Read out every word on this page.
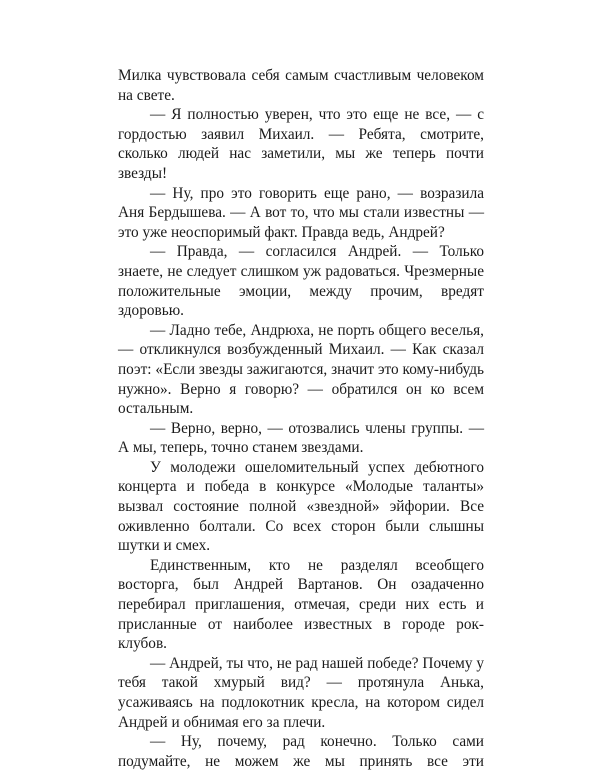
Милка чувствовала себя самым счастливым человеком на свете.

— Я полностью уверен, что это еще не все, — с гордостью заявил Михаил. — Ребята, смотрите, сколько людей нас заметили, мы же теперь почти звезды!

— Ну, про это говорить еще рано, — возразила Аня Бердышева. — А вот то, что мы стали известны — это уже неоспоримый факт. Правда ведь, Андрей?

— Правда, — согласился Андрей. — Только знаете, не следует слишком уж радоваться. Чрезмерные положительные эмоции, между прочим, вредят здоровью.

— Ладно тебе, Андрюха, не порть общего веселья, — откликнулся возбужденный Михаил. — Как сказал поэт: «Если звезды зажигаются, значит это кому-нибудь нужно». Верно я говорю? — обратился он ко всем остальным.

— Верно, верно, — отозвались члены группы. — А мы, теперь, точно станем звездами.

У молодежи ошеломительный успех дебютного концерта и победа в конкурсе «Молодые таланты» вызвал состояние полной «звездной» эйфории. Все оживленно болтали. Со всех сторон были слышны шутки и смех.

Единственным, кто не разделял всеобщего восторга, был Андрей Вартанов. Он озадаченно перебирал приглашения, отмечая, среди них есть и присланные от наиболее известных в городе рок-клубов.

— Андрей, ты что, не рад нашей победе? Почему у тебя такой хмурый вид? — протянула Анька, усаживаясь на подлокотник кресла, на котором сидел Андрей и обнимая его за плечи.

— Ну, почему, рад конечно. Только сами подумайте, не можем же мы принять все эти
